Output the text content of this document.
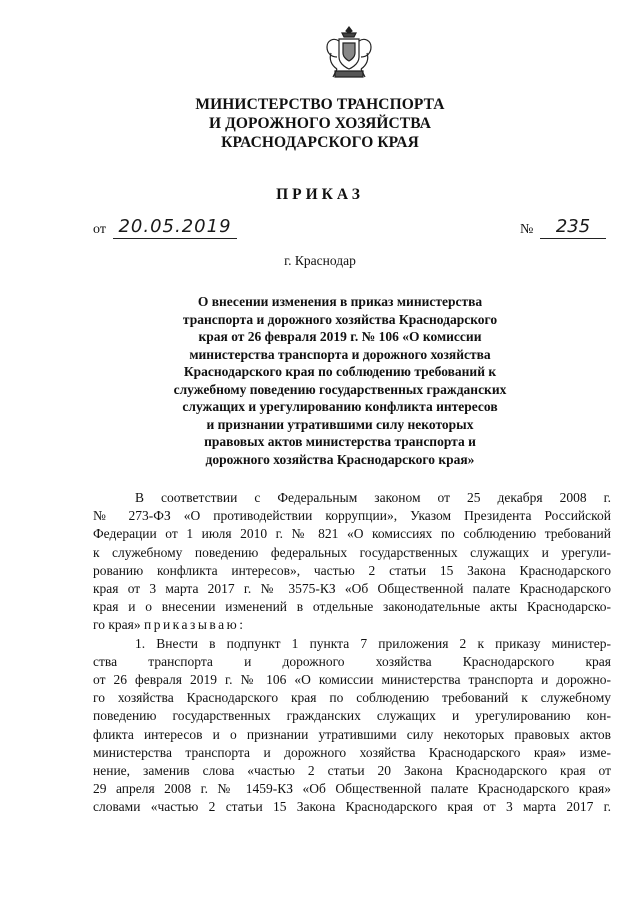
МИНИСТЕРСТВО ТРАНСПОРТА
И ДОРОЖНОГО ХОЗЯЙСТВА
КРАСНОДАРСКОГО КРАЯ
ПРИКАЗ
от 20.05.2019	№	235
г. Краснодар
О внесении изменения в приказ министерства
транспорта и дорожного хозяйства Краснодарского
края от 26 февраля 2019 г. № 106 «О комиссии
министерства транспорта и дорожного хозяйства
Краснодарского края по соблюдению требований к
служебному поведению государственных гражданских
служащих и урегулированию конфликта интересов
и признании утратившими силу некоторых
правовых актов министерства транспорта и
дорожного хозяйства Краснодарского края»
В соответствии с Федеральным законом от 25 декабря 2008 г.
№ 273-ФЗ «О противодействии коррупции», Указом Президента Российской
Федерации от 1 июля 2010 г. № 821 «О комиссиях по соблюдению требований
к служебному поведению федеральных государственных служащих и урегули-
рованию конфликта интересов», частью 2 статьи 15 Закона Краснодарского
края от 3 марта 2017 г. № 3575-КЗ «Об Общественной палате Краснодарского
края и о внесении изменений в отдельные законодательные акты Краснодарско-
го края» приказываю:
1. Внести в подпункт 1 пункта 7 приложения 2 к приказу министер-
ства транспорта и дорожного хозяйства Краснодарского края
от 26 февраля 2019 г. № 106 «О комиссии министерства транспорта и дорожно-
го хозяйства Краснодарского края по соблюдению требований к служебному
поведению государственных гражданских служащих и урегулированию кон-
фликта интересов и о признании утратившими силу некоторых правовых актов
министерства транспорта и дорожного хозяйства Краснодарского края» изме-
нение, заменив слова «частью 2 статьи 20 Закона Краснодарского края от
29 апреля 2008 г. № 1459-КЗ «Об Общественной палате Краснодарского края»
словами «частью 2 статьи 15 Закона Краснодарского края от 3 марта 2017 г.
